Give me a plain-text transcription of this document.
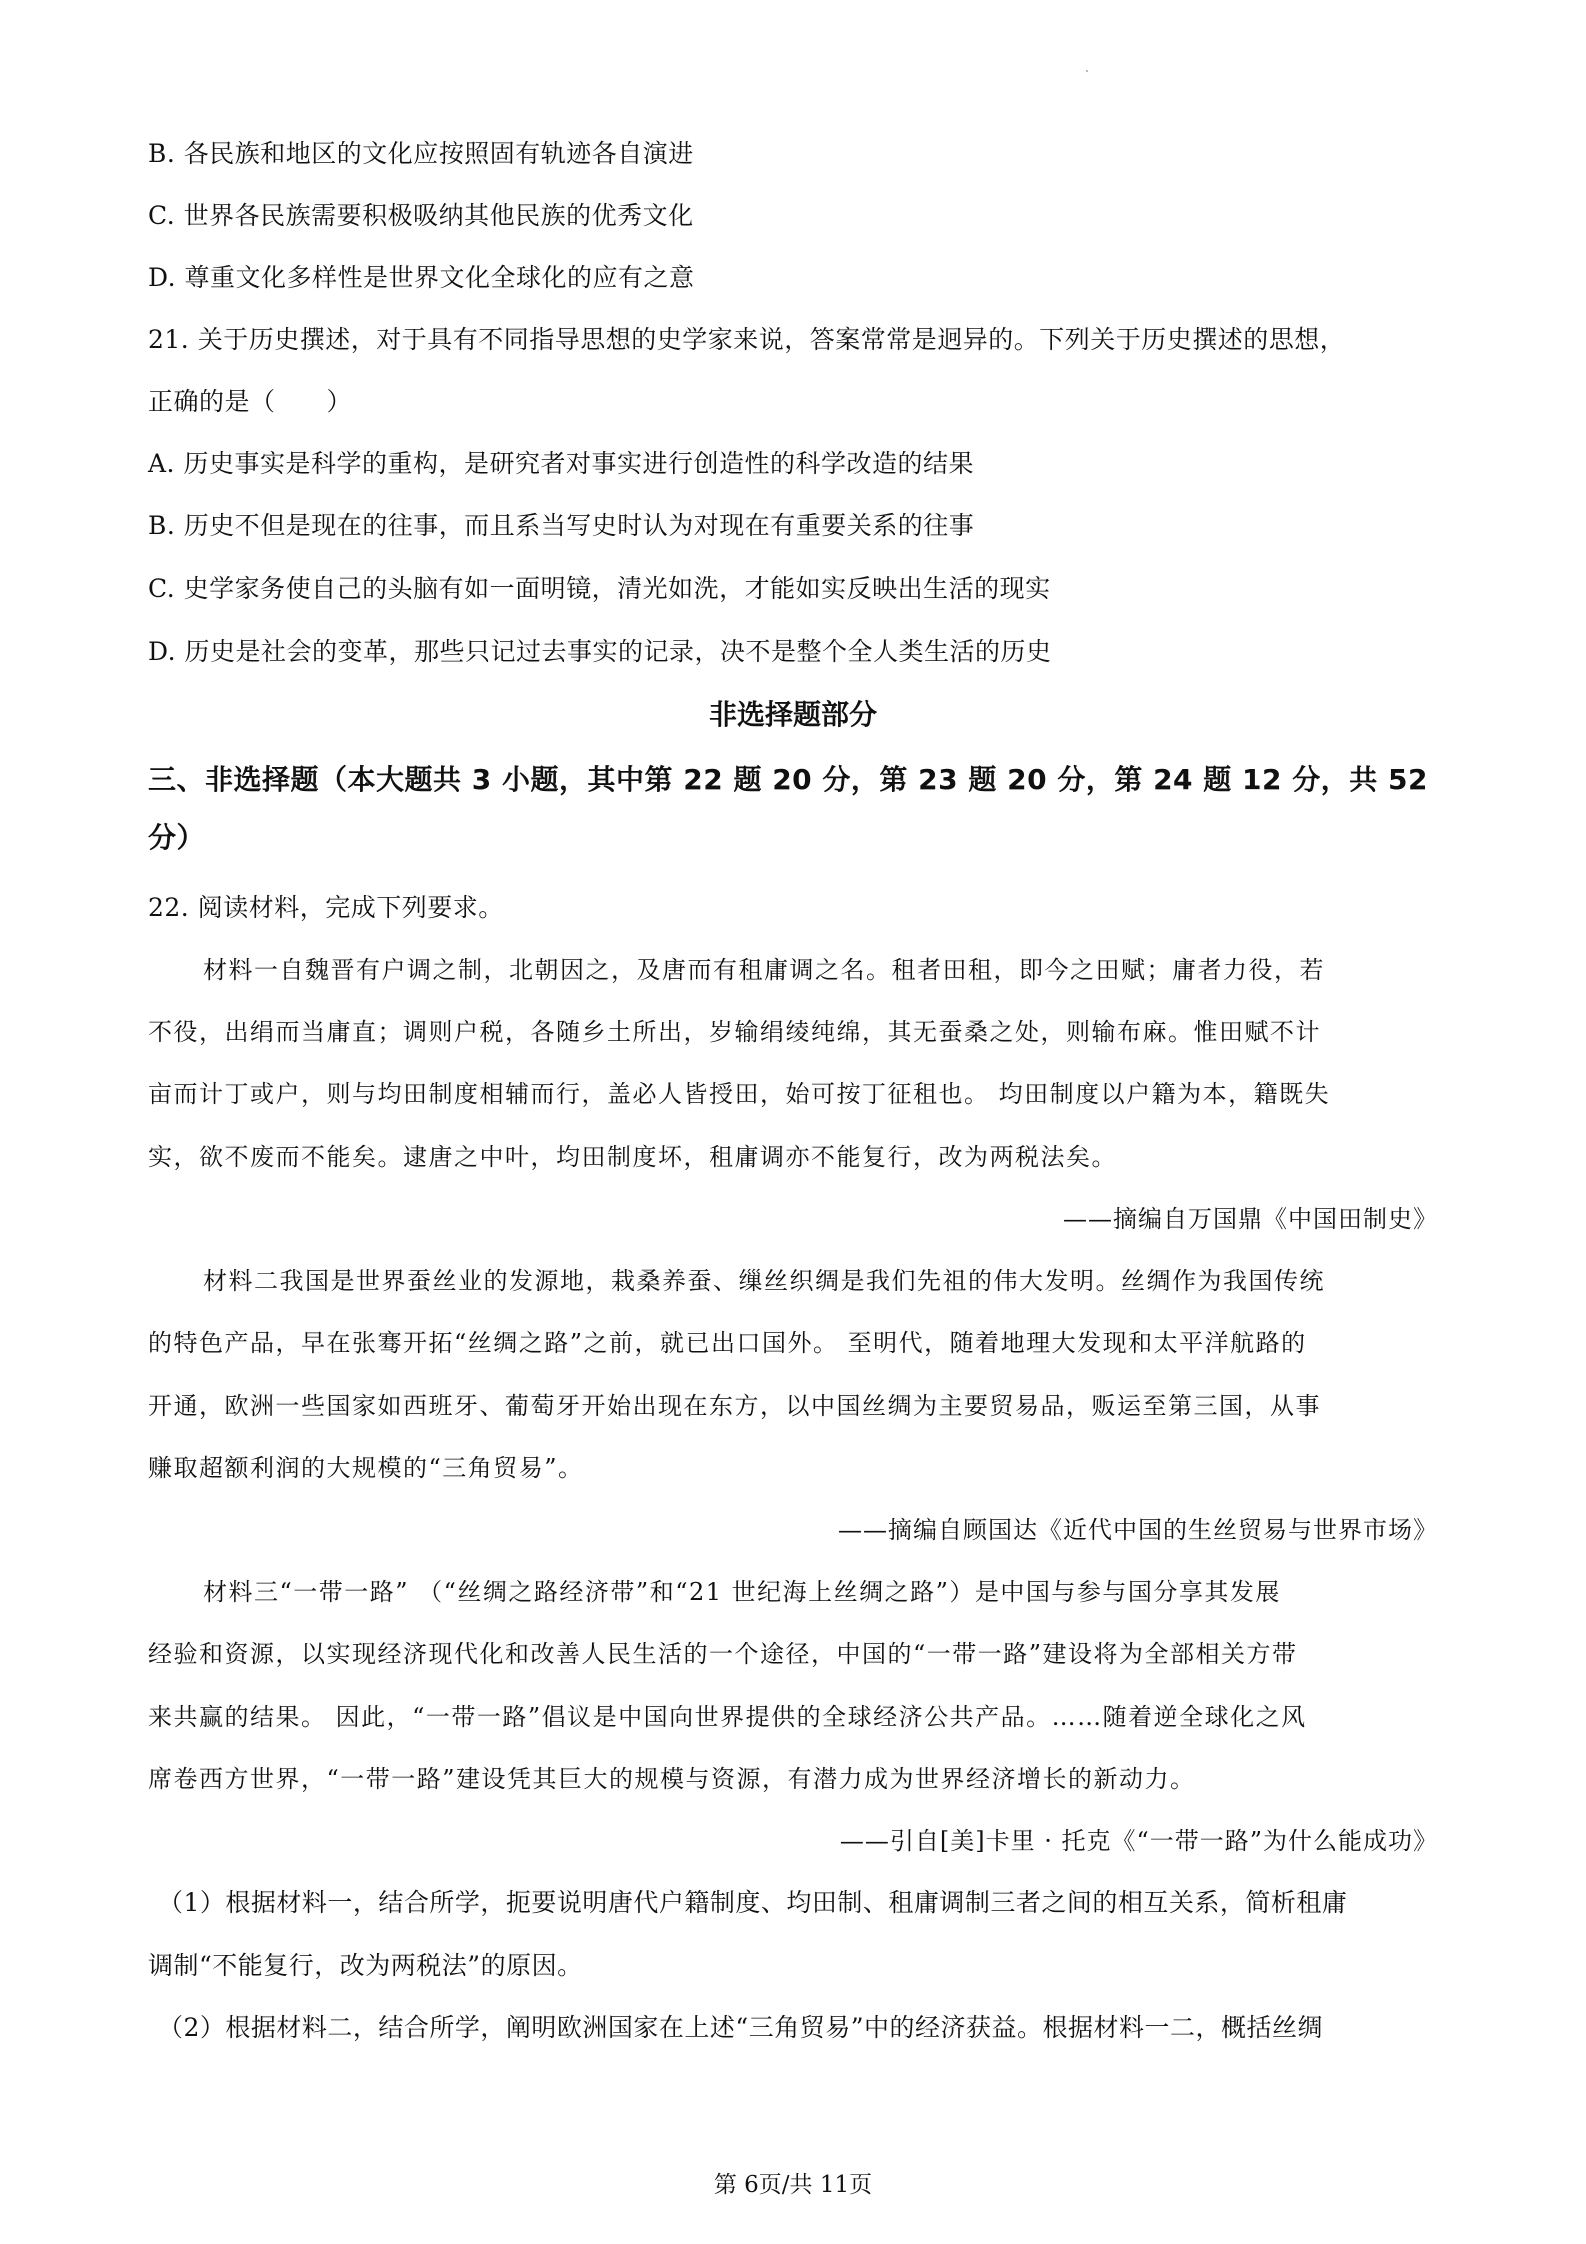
B. 各民族和地区的文化应按照固有轨迹各自演进
C. 世界各民族需要积极吸纳其他民族的优秀文化
D. 尊重文化多样性是世界文化全球化的应有之意
21. 关于历史撰述，对于具有不同指导思想的史学家来说，答案常常是迥异的。下列关于历史撰述的思想，
正确的是（　　）
A. 历史事实是科学的重构，是研究者对事实进行创造性的科学改造的结果
B. 历史不但是现在的往事，而且系当写史时认为对现在有重要关系的往事
C. 史学家务使自己的头脑有如一面明镜，清光如洗，才能如实反映出生活的现实
D. 历史是社会的变革，那些只记过去事实的记录，决不是整个全人类生活的历史
非选择题部分
三、非选择题（本大题共 3 小题，其中第 22 题 20 分，第 23 题 20 分，第 24 题 12 分，共 52
分）
22. 阅读材料，完成下列要求。
材料一自魏晋有户调之制，北朝因之，及唐而有租庸调之名。租者田租，即今之田赋；庸者力役，若
不役，出绢而当庸直；调则户税，各随乡土所出，岁输绢绫纯绵，其无蚕桑之处，则输布麻。惟田赋不计
亩而计丁或户，则与均田制度相辅而行，盖必人皆授田，始可按丁征租也。 均田制度以户籍为本，籍既失
实，欲不废而不能矣。逮唐之中叶，均田制度坏，租庸调亦不能复行，改为两税法矣。
——摘编自万国鼎《中国田制史》
材料二我国是世界蚕丝业的发源地，栽桑养蚕、缫丝织绸是我们先祖的伟大发明。丝绸作为我国传统
的特色产品，早在张骞开拓“丝绸之路”之前，就已出口国外。 至明代，随着地理大发现和太平洋航路的
开通，欧洲一些国家如西班牙、葡萄牙开始出现在东方，以中国丝绸为主要贸易品，贩运至第三国，从事
赚取超额利润的大规模的“三角贸易”。
——摘编自顾国达《近代中国的生丝贸易与世界市场》
材料三“一带一路” （“丝绸之路经济带”和“21 世纪海上丝绸之路”）是中国与参与国分享其发展
经验和资源，以实现经济现代化和改善人民生活的一个途径，中国的“一带一路”建设将为全部相关方带
来共赢的结果。 因此，“一带一路”倡议是中国向世界提供的全球经济公共产品。……随着逆全球化之风
席卷西方世界，“一带一路”建设凭其巨大的规模与资源，有潜力成为世界经济增长的新动力。
——引自[美]卡里 · 托克《“一带一路”为什么能成功》
（1）根据材料一，结合所学，扼要说明唐代户籍制度、均田制、租庸调制三者之间的相互关系，简析租庸
调制“不能复行，改为两税法”的原因。
（2）根据材料二，结合所学，阐明欧洲国家在上述“三角贸易”中的经济获益。根据材料一二，概括丝绸
第 6页/共 11页
